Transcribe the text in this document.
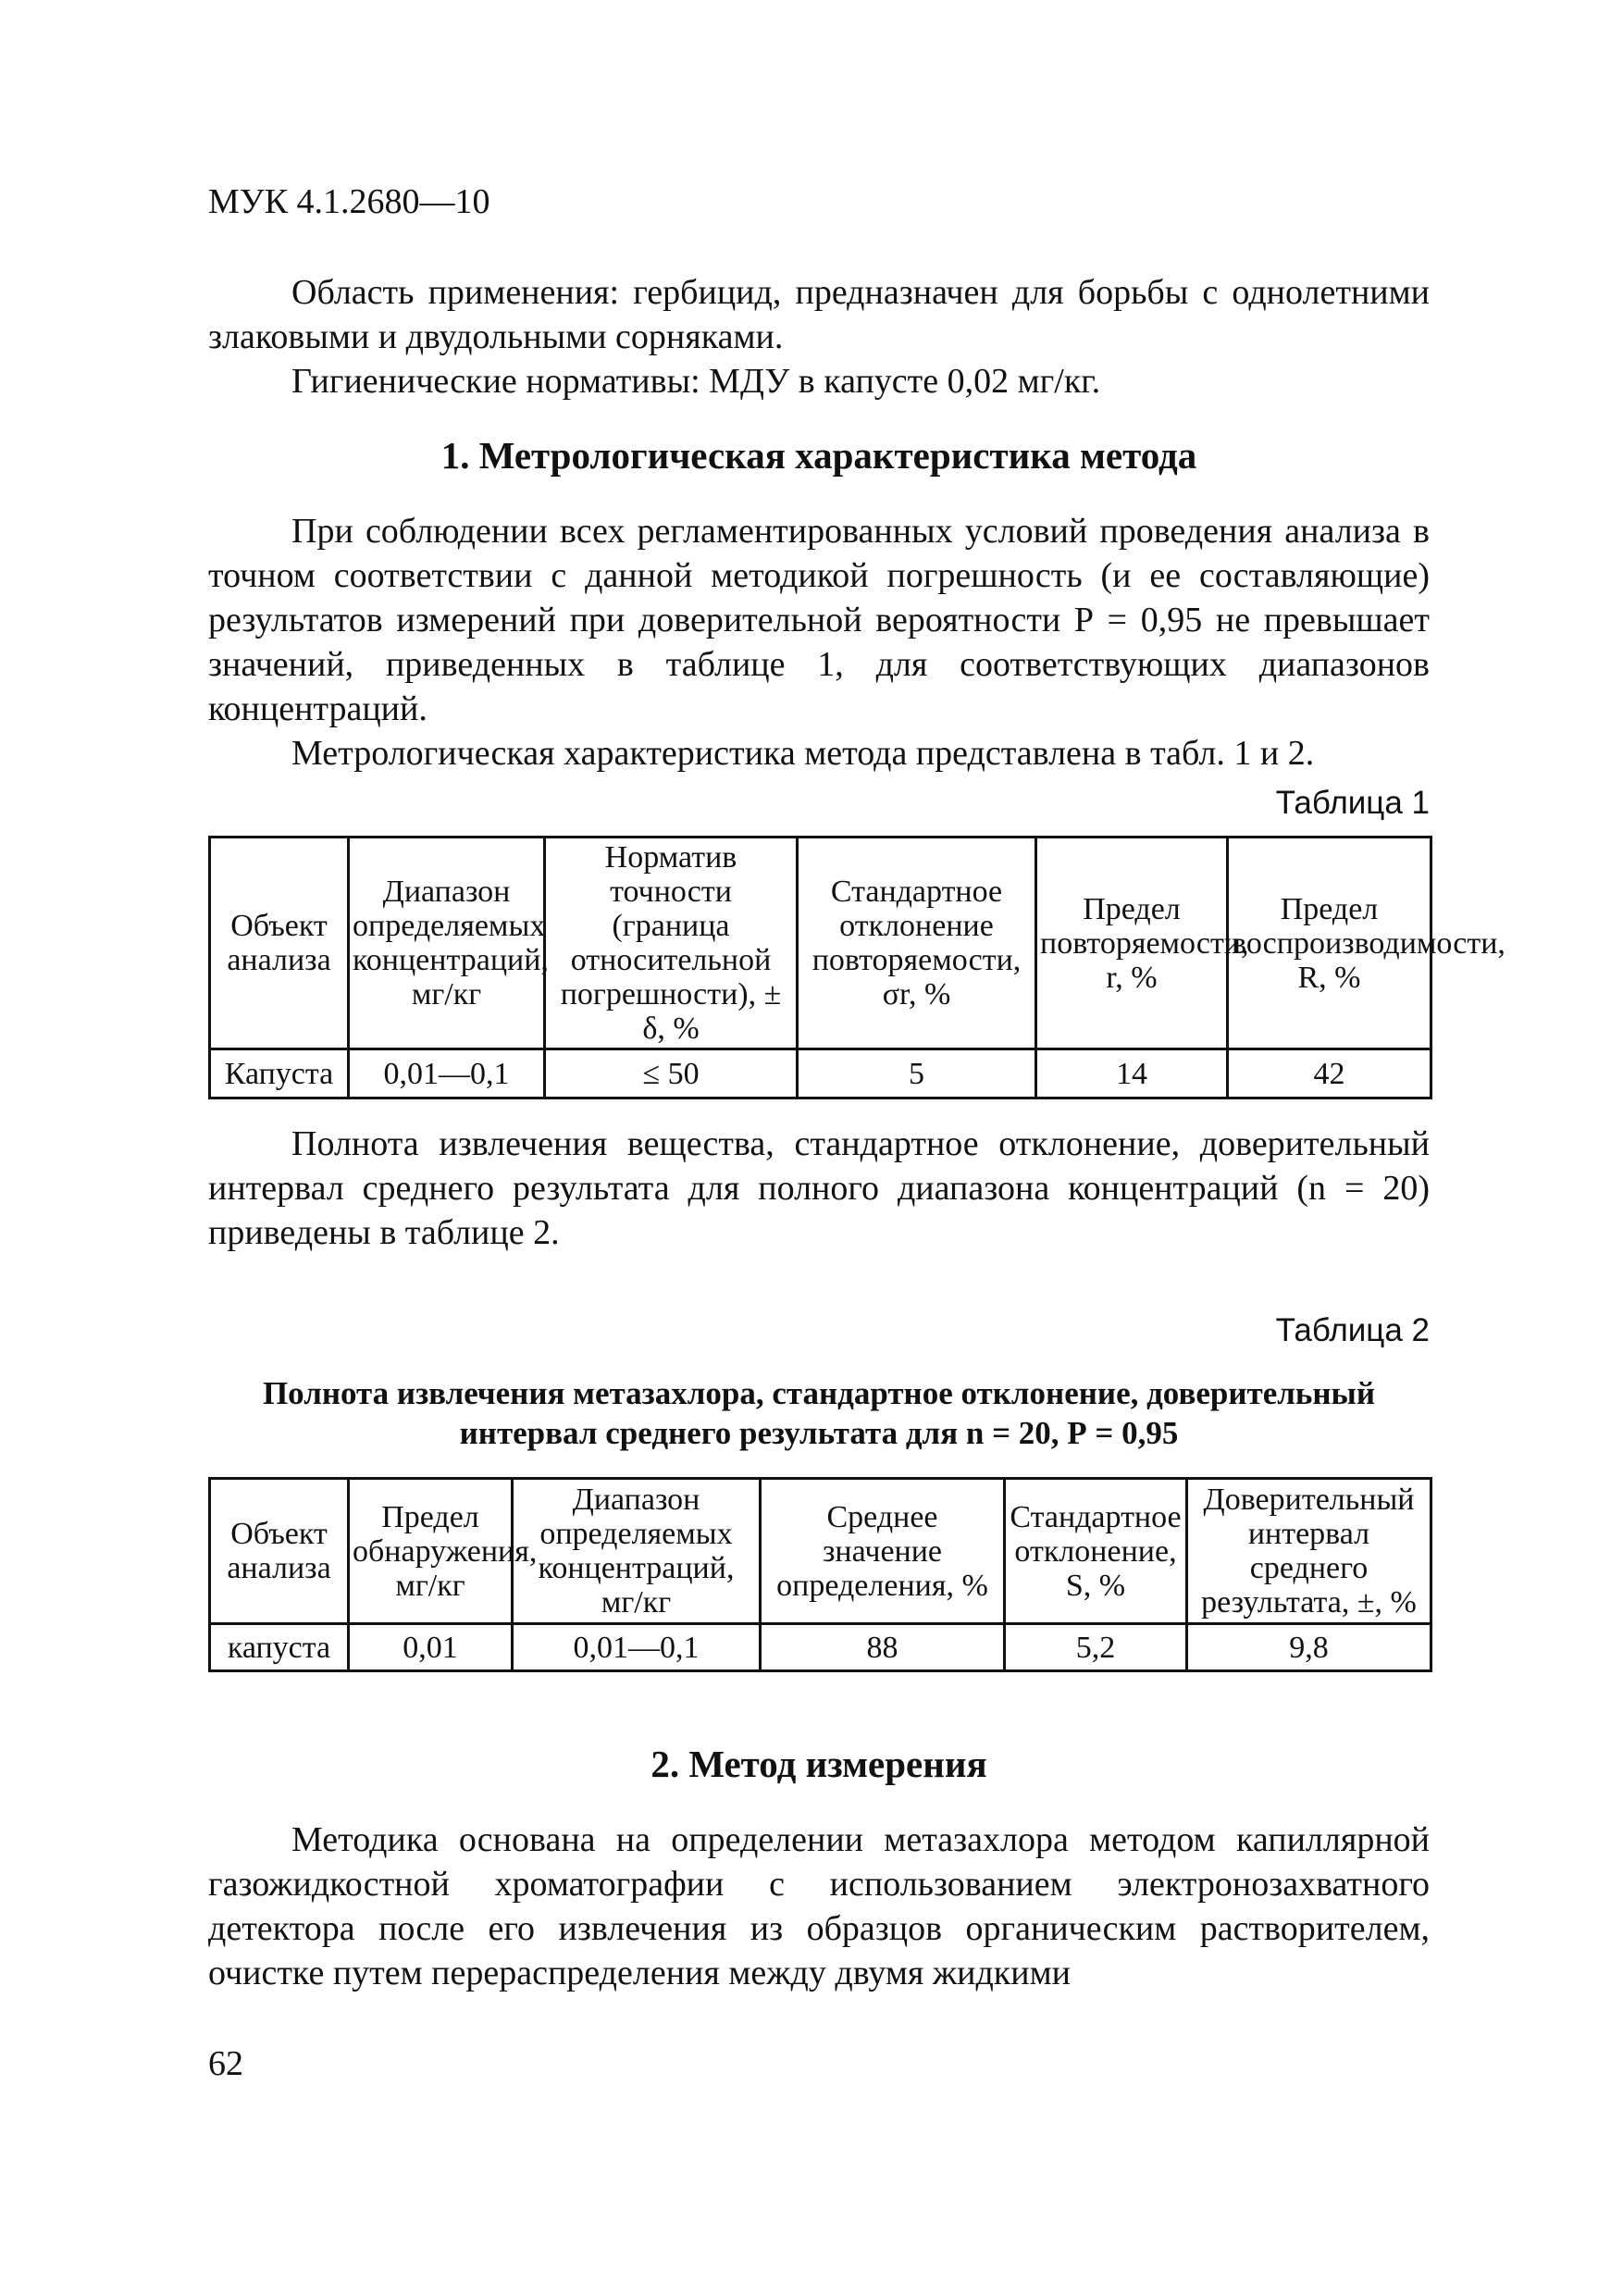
МУК 4.1.2680—10

Область применения: гербицид, предназначен для борьбы с однолетними злаковыми и двудольными сорняками.

Гигиенические нормативы: МДУ в капусте 0,02 мг/кг.

1. Метрологическая характеристика метода

При соблюдении всех регламентированных условий проведения анализа в точном соответствии с данной методикой погрешность (и ее составляющие) результатов измерений при доверительной вероятности Р = 0,95 не превышает значений, приведенных в таблице 1, для соответствующих диапазонов концентраций.

Метрологическая характеристика метода представлена в табл. 1 и 2.

Таблица 1
Объект анализа	Диапазон определяемых концентраций, мг/кг	Норматив точности (границa относительной погрешности), ± δ, %	Стандартное отклонение повторяемости, σr, %	Предел повторяемости, r, %	Предел воспроизводимости, R, %
Капуста	0,01—0,1	≤ 50	5	14	42

Полнота извлечения вещества, стандартное отклонение, доверительный интервал среднего результата для полного диапазона концентраций (n = 20) приведены в таблице 2.

Таблица 2
Полнота извлечения метазахлора, стандартное отклонение, доверительный интервал среднего результата для n = 20, Р = 0,95
Объект анализа	Предел обнаружения, мг/кг	Диапазон определяемых концентраций, мг/кг	Среднее значение определения, %	Стандартное отклонение, S, %	Доверительный интервал среднего результата, ±, %
капуста	0,01	0,01—0,1	88	5,2	9,8
2. Метод измерения

Методика основана на определении метазахлора методом капиллярной газожидкостной хроматографии с использованием электронозахватного детектора после его извлечения из образцов органическим растворителем, очистке путем перераспределения между двумя жидкими

62
